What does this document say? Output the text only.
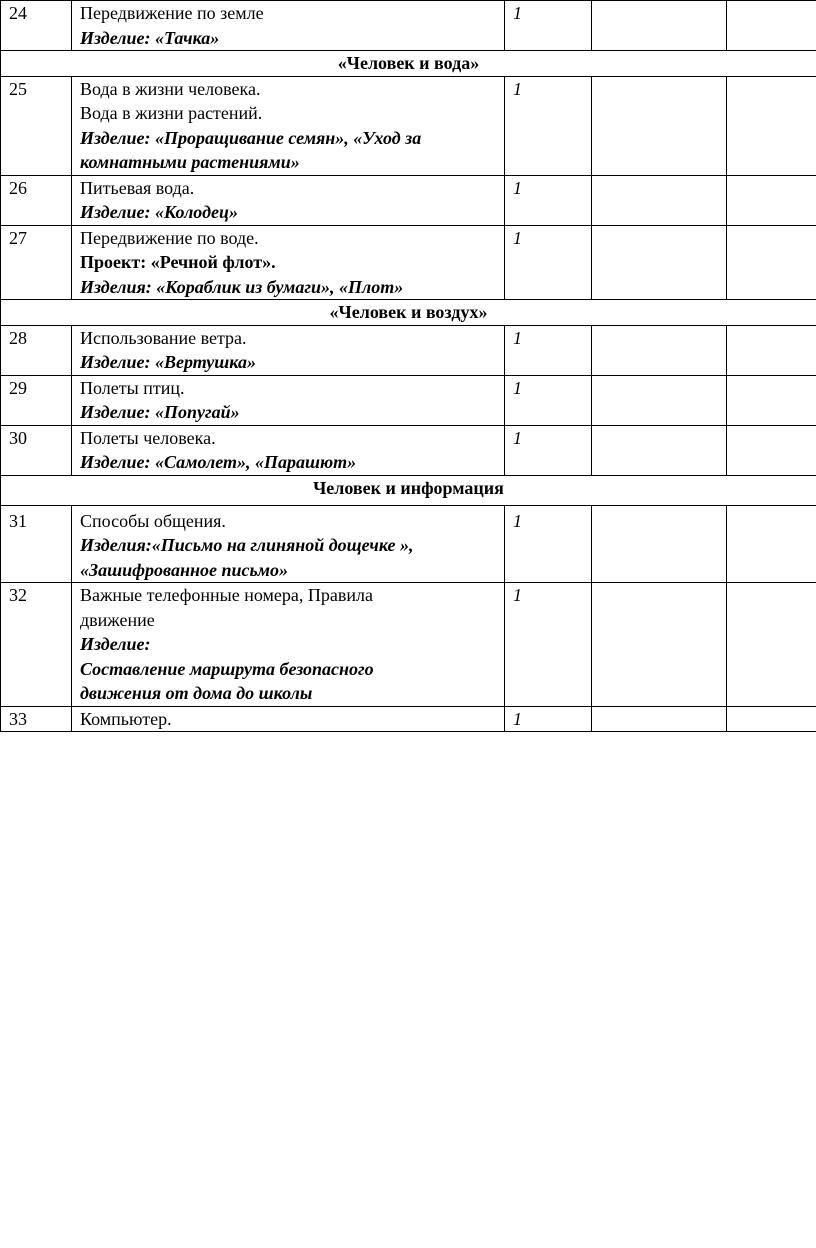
24	Передвижение по земле
Изделие: «Тачка»	1		
«Человек и вода»				
25	Вода в жизни человека.
Вода в жизни растений.
Изделие: «Проращивание семян», «Уход за
комнатными растениями»	1		
26	Питьевая вода.
Изделие: «Колодец»	1		
27	Передвижение по воде.
Проект: «Речной флот».
Изделия: «Кораблик из бумаги», «Плот»	1		
«Человек и воздух»				
28	Использование ветра.
Изделие: «Вертушка»	1		
29	Полеты птиц.
Изделие: «Попугай»	1		
30	Полеты человека.
Изделие: «Самолет», «Парашют»	1		
Человек и информация				
31	Способы общения.
Изделия:«Письмо на глиняной дощечке »,
«Зашифрованное письмо»	1		
32	Важные телефонные номера, Правила
движение
Изделие:
Составление маршрута безопасного
движения от дома до школы	1		
33	Компьютер.	1		
